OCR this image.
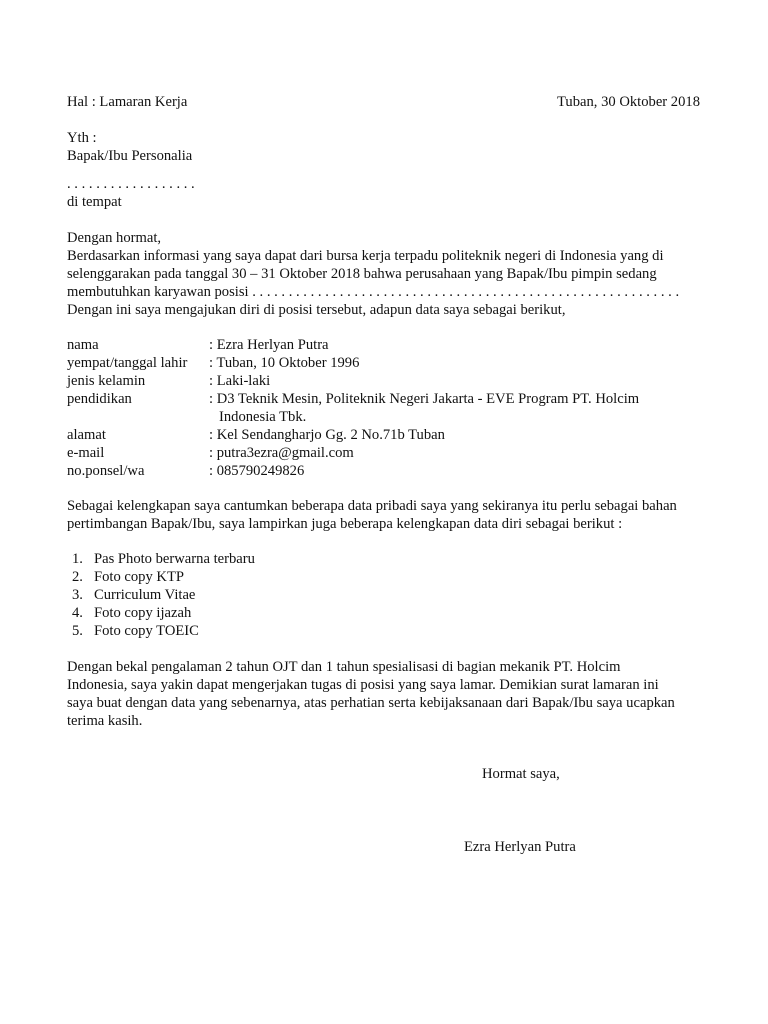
Hal : Lamaran Kerja	Tuban, 30 Oktober 2018
Yth :
Bapak/Ibu Personalia
. . . . . . . . . . . . . . . . . .
di tempat
Dengan hormat,
Berdasarkan informasi yang saya dapat dari bursa kerja terpadu politeknik negeri di Indonesia yang di
selenggarakan pada tanggal 30 – 31 Oktober 2018 bahwa perusahaan yang Bapak/Ibu pimpin sedang
membutuhkan karyawan posisi . . . . . . . . . . . . . . . . . . . . . . . . . . . . . . . . . . . . . . . . . . . . . . . . . . . . . . . . . . .
Dengan ini saya mengajukan diri di posisi tersebut, adapun data saya sebagai berikut,
nama	: Ezra Herlyan Putra
yempat/tanggal lahir : Tuban, 10 Oktober 1996
jenis kelamin	: Laki-laki
pendidikan	: D3 Teknik Mesin, Politeknik Negeri Jakarta - EVE Program PT. Holcim
Indonesia Tbk.
alamat	: Kel Sendangharjo Gg. 2 No.71b Tuban
e-mail	: putra3ezra@gmail.com
no.ponsel/wa	: 085790249826
Sebagai kelengkapan saya cantumkan beberapa data pribadi saya yang sekiranya itu perlu sebagai bahan
pertimbangan Bapak/Ibu, saya lampirkan juga beberapa kelengkapan data diri sebagai berikut :
1. Pas Photo berwarna terbaru
2. Foto copy KTP
3. Curriculum Vitae
4. Foto copy ijazah
5. Foto copy TOEIC
Dengan bekal pengalaman 2 tahun OJT dan 1 tahun spesialisasi di bagian mekanik PT. Holcim
Indonesia, saya yakin dapat mengerjakan tugas di posisi yang saya lamar. Demikian surat lamaran ini
saya buat dengan data yang sebenarnya, atas perhatian serta kebijaksanaan dari Bapak/Ibu saya ucapkan
terima kasih.
Hormat saya,
Ezra Herlyan Putra
